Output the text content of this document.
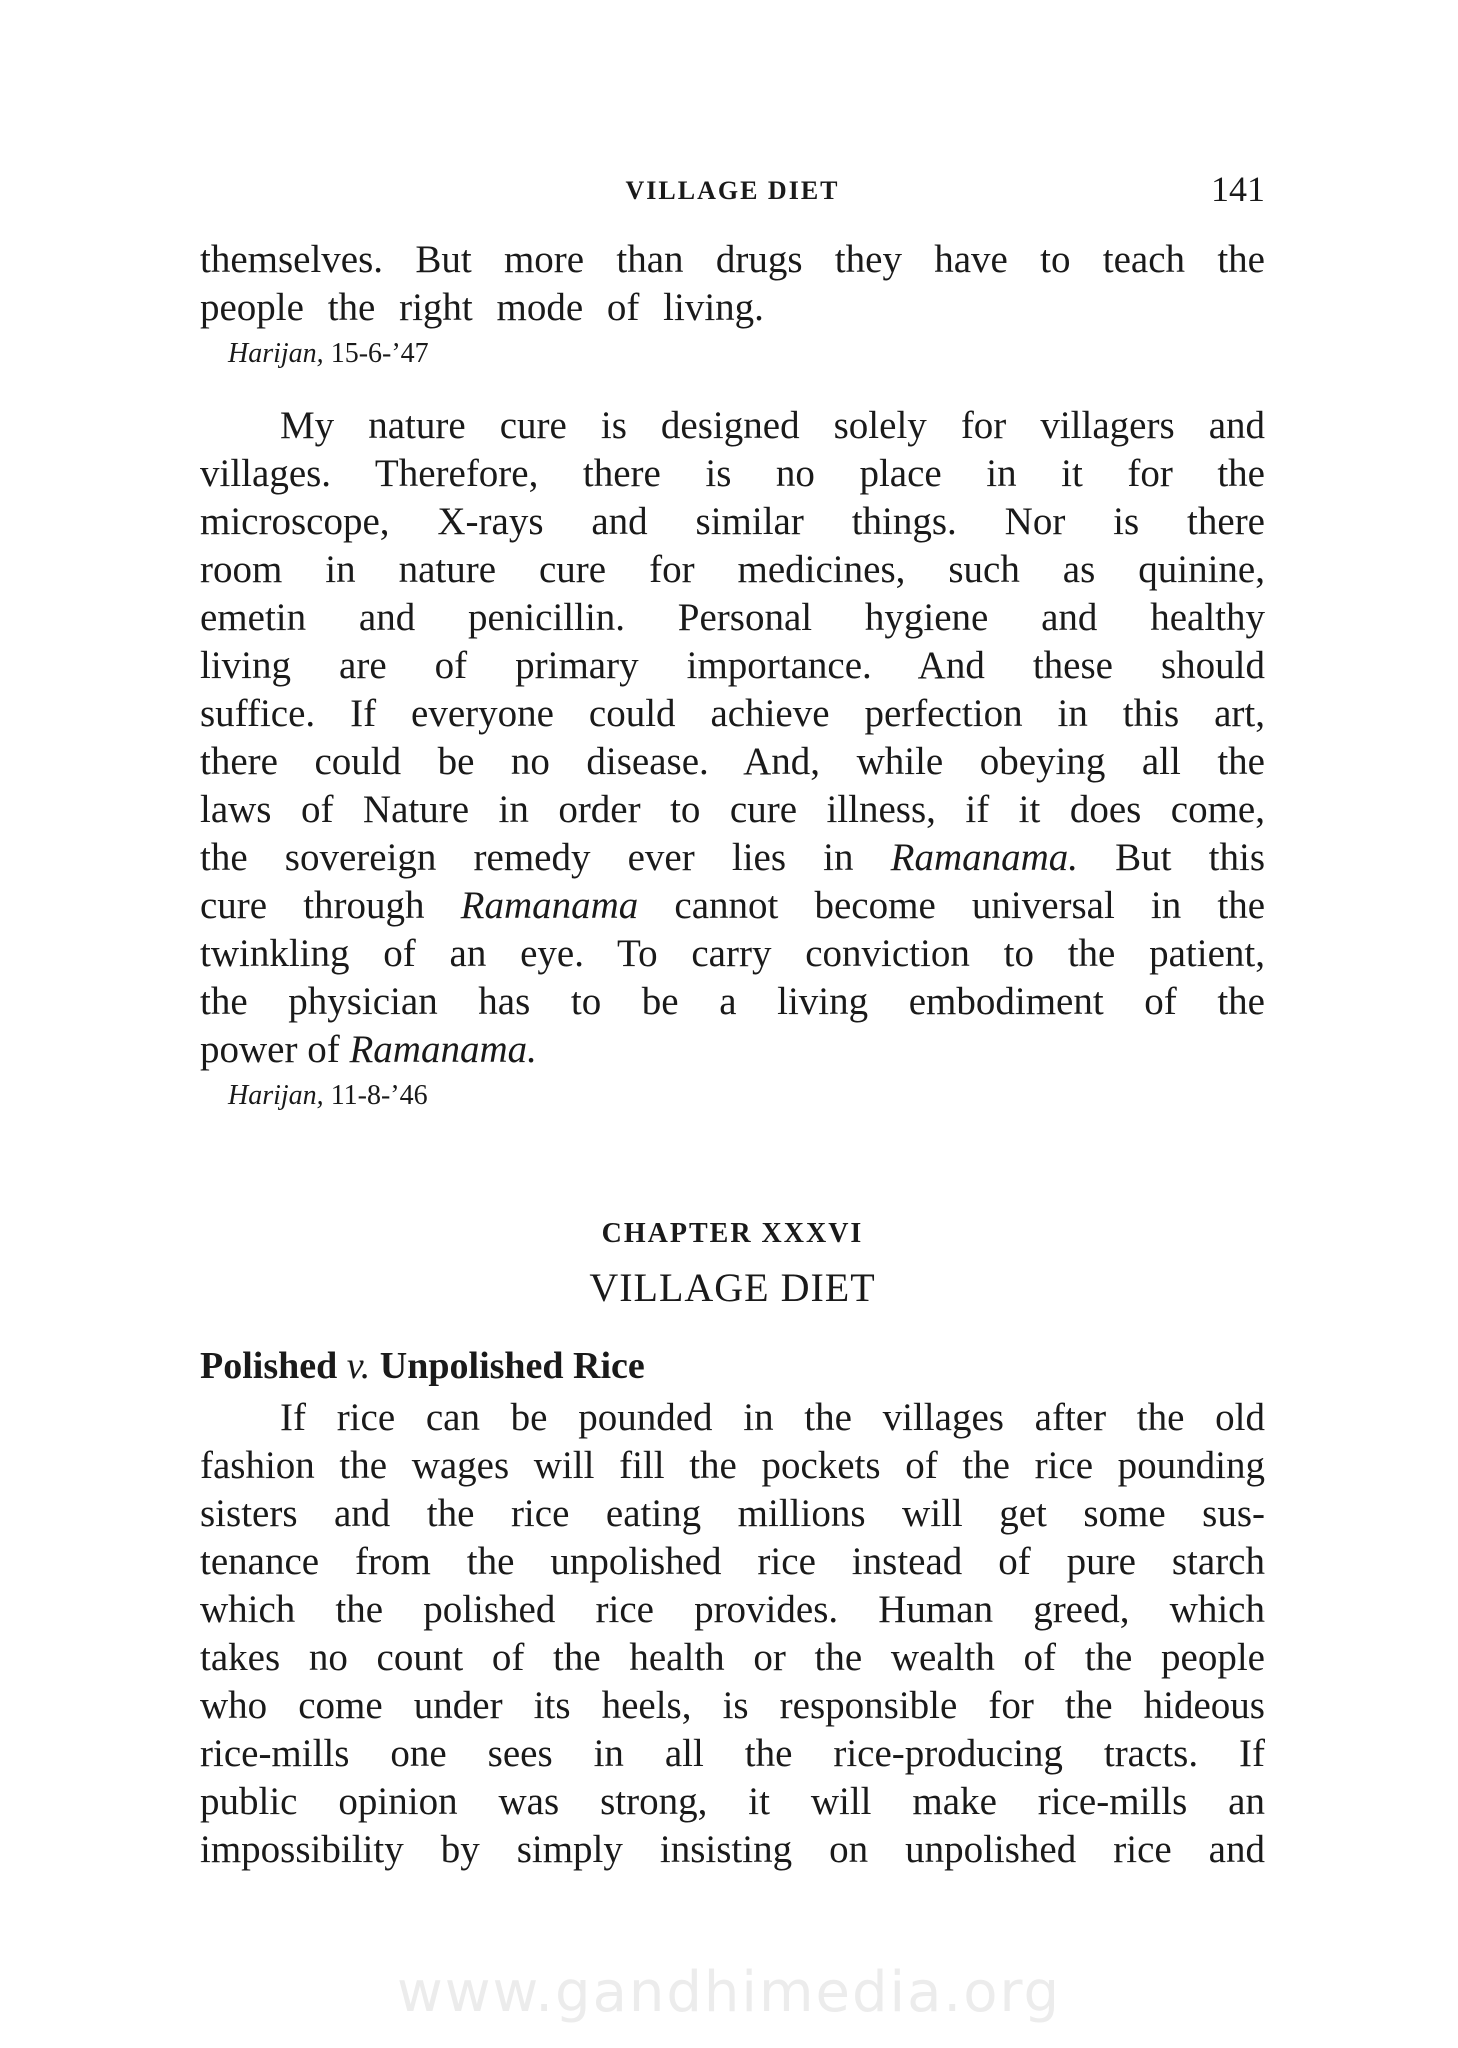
VILLAGE DIET	141

themselves. But more than drugs they have to teach the

people the right mode of living.

Harijan, 15-6-’47

My nature cure is designed solely for villagers and

villages. Therefore, there is no place in it for the

microscope, X-rays and similar things. Nor is there

room in nature cure for medicines, such as quinine,

emetin and penicillin. Personal hygiene and healthy

living are of primary importance. And these should

suffice. If everyone could achieve perfection in this art,

there could be no disease. And, while obeying all the

laws of Nature in order to cure illness, if it does come,

the sovereign remedy ever lies in Ramanama. But this

cure through Ramanama cannot become universal in the

twinkling of an eye. To carry conviction to the patient,

the physician has to be a living embodiment of the

power of Ramanama.

Harijan, 11-8-’46

CHAPTER XXXVI

VILLAGE DIET

Polished v. Unpolished Rice

If rice can be pounded in the villages after the old

fashion the wages will fill the pockets of the rice pounding

sisters and the rice eating millions will get some sus-

tenance from the unpolished rice instead of pure starch

which the polished rice provides. Human greed, which

takes no count of the health or the wealth of the people

who come under its heels, is responsible for the hideous

rice-mills one sees in all the rice-producing tracts. If

public opinion was strong, it will make rice-mills an

impossibility by simply insisting on unpolished rice and

www.gandhimedia.org
